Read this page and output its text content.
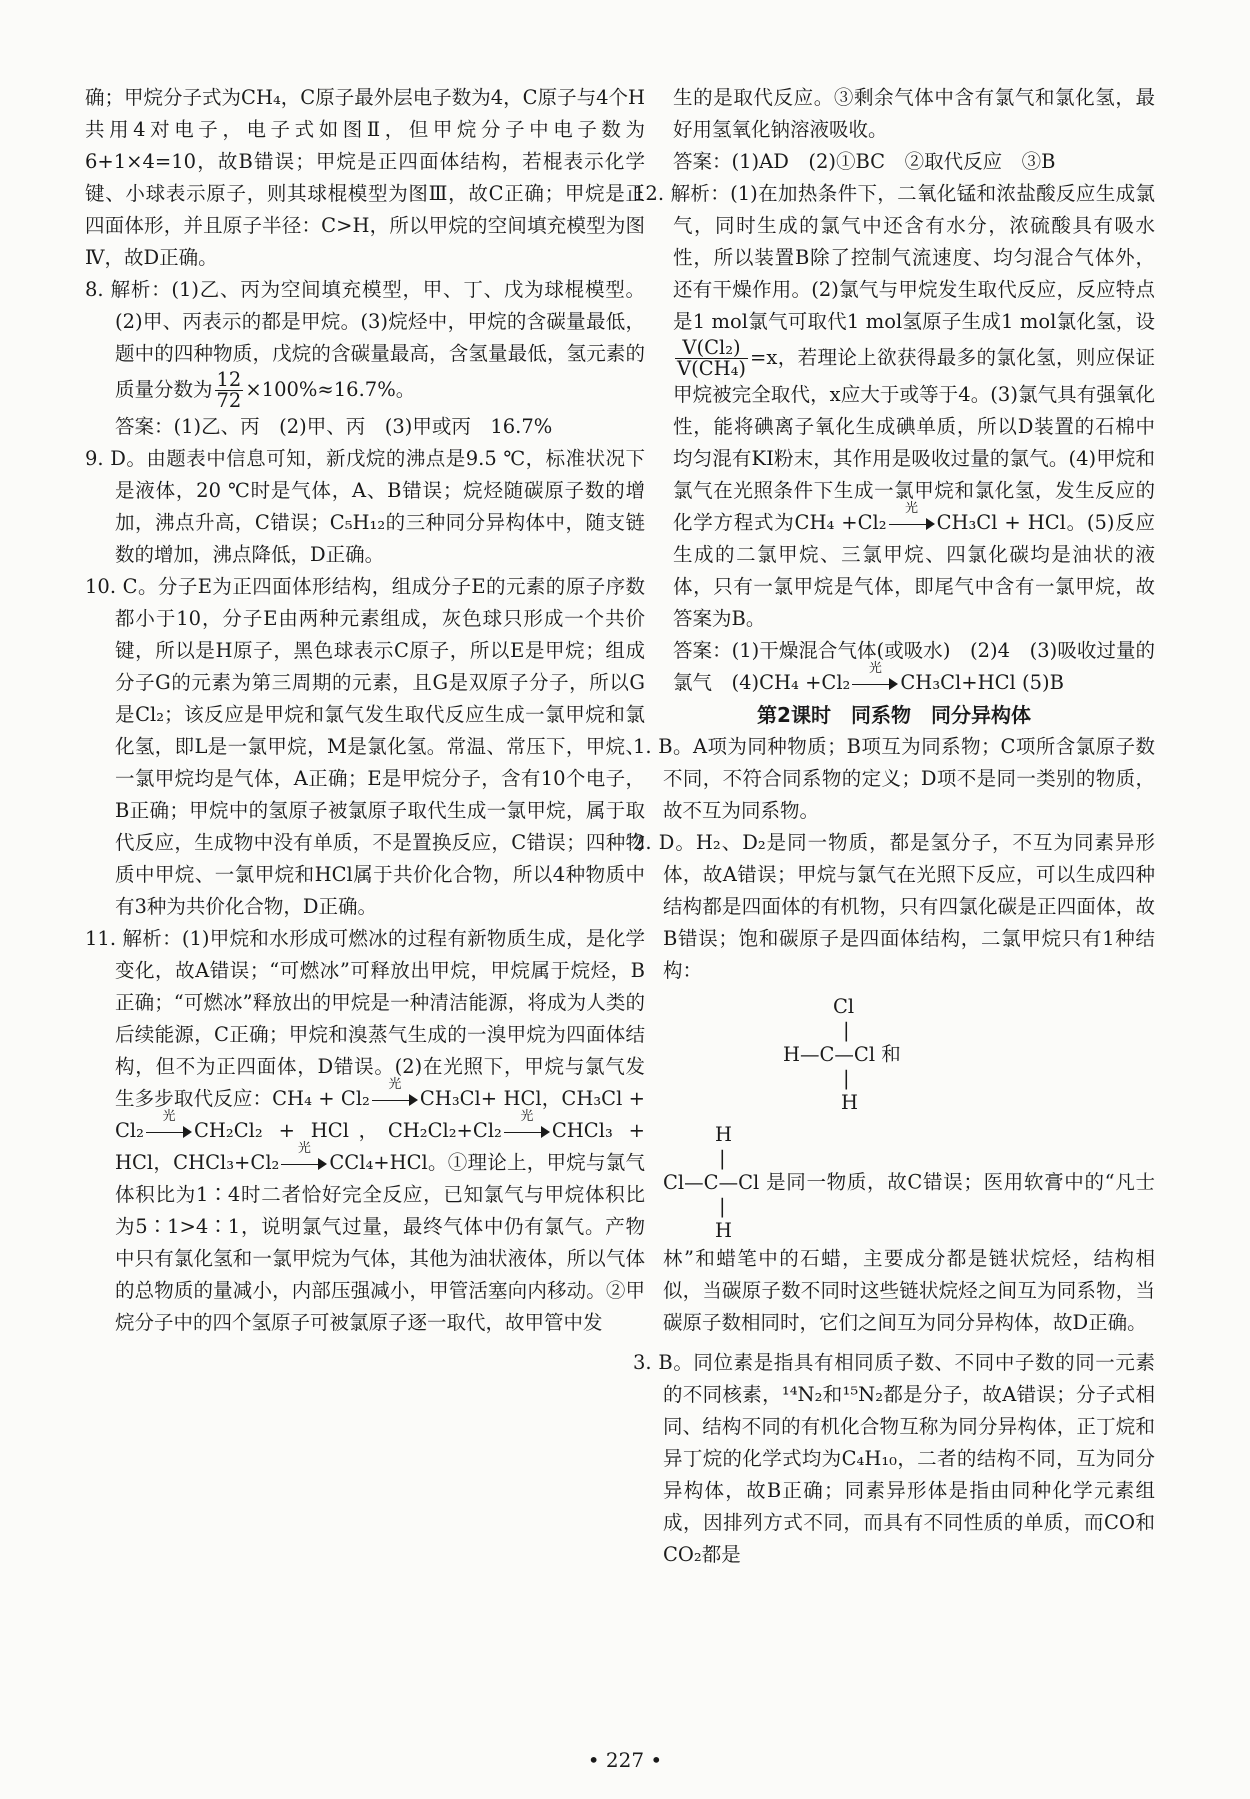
确；甲烷分子式为CH₄，C原子最外层电子数为4，C原子与4个H共用4对电子，电子式如图Ⅱ，但甲烷分子中电子数为6+1×4=10，故B错误；甲烷是正四面体结构，若棍表示化学键、小球表示原子，则其球棍模型为图Ⅲ，故C正确；甲烷是正四面体形，并且原子半径：C>H，所以甲烷的空间填充模型为图Ⅳ，故D正确。

8. 解析：(1)乙、丙为空间填充模型，甲、丁、戊为球棍模型。(2)甲、丙表示的都是甲烷。(3)烷烃中，甲烷的含碳量最低，题中的四种物质，戊烷的含碳量最高，含氢量最低，氢元素的质量分数为 $\frac{12}{72} \times 100\%\approx 16.7\%$。

答案：(1)乙、丙　(2)甲、丙　(3)甲或丙　16.7%

9. D。由题表中信息可知，新戊烷的沸点是9.5 ℃，标准状况下是液体，20 ℃时是气体，A、B错误；烷烃随碳原子数的增加，沸点升高，C错误；C₅H₁₂的三种同分异构体中，随支链数的增加，沸点降低，D正确。

10. C。分子E为正四面体形结构，组成分子E的元素的原子序数都小于10，分子E由两种元素组成，灰色球只形成一个共价键，所以是H原子，黑色球表示C原子，所以E是甲烷；组成分子G的元素为第三周期的元素，且G是双原子分子，所以G是Cl₂；该反应是甲烷和氯气发生取代反应生成一氯甲烷和氯化氢，即L是一氯甲烷，M是氯化氢。常温、常压下，甲烷、一氯甲烷均是气体，A正确；E是甲烷分子，含有10个电子，B正确；甲烷中的氢原子被氯原子取代生成一氯甲烷，属于取代反应，生成物中没有单质，不是置换反应，C错误；四种物质中甲烷、一氯甲烷和HCl属于共价化合物，所以4种物质中有3种为共价化合物，D正确。

11. 解析：(1)甲烷和水形成可燃冰的过程有新物质生成，是化学变化，故A错误；“可燃冰”可释放出甲烷，甲烷属于烷烃，B正确；“可燃冰”释放出的甲烷是一种清洁能源，将成为人类的后续能源，C正确；甲烷和溴蒸气生成的一溴甲烷为四面体结构，但不为正四面体，D错误。(2)在光照下，甲烷与氯气发生多步取代反应：CH₄ + Cl₂
光
CH₃Cl+ HCl，CH₃Cl + Cl₂
光
CH₂Cl₂ + HCl，CH₂Cl₂+Cl₂
光
CHCl₃ + HCl，CHCl₃+Cl₂
光
CCl₄+HCl。①理论上，甲烷与氯气体积比为1∶4时二者恰好完全反应，已知氯气与甲烷体积比为5∶1>4∶1，说明氯气过量，最终气体中仍有氯气。产物中只有氯化氢和一氯甲烷为气体，其他为油状液体，所以气体的总物质的量减小，内部压强减小，甲管活塞向内移动。②甲烷分子中的四个氢原子可被氯原子逐一取代，故甲管中发

生的是取代反应。③剩余气体中含有氯气和氯化氢，最好用氢氧化钠溶液吸收。

答案：(1)AD　(2)①BC　②取代反应　③B

12. 解析：(1)在加热条件下，二氧化锰和浓盐酸反应生成氯气，同时生成的氯气中还含有水分，浓硫酸具有吸水性，所以装置B除了控制气流速度、均匀混合气体外，还有干燥作用。(2)氯气与甲烷发生取代反应，反应特点是1 mol氯气可取代1 mol氢原子生成1 mol氯化氢，设
$\frac{\text{V(Cl₂)}}{\text{V(CH₄)}} =x$，若理论上欲获得最多的氯化氢，则应保证甲烷被完全取代，x应大于或等于4。(3)氯气具有强氧化性，能将碘离子氧化生成碘单质，所以D装置的石棉中均匀混有KI粉末，其作用是吸收过量的氯气。(4)甲烷和氯气在光照条件下生成一氯甲烷和氯化氢，发生反应的化学方程式为CH₄ +Cl₂
光
CH₃Cl + HCl。(5)反应生成的二氯甲烷、三氯甲烷、四氯化碳均是油状的液体，只有一氯甲烷是气体，即尾气中含有一氯甲烷，故答案为B。

答案：(1)干燥混合气体(或吸水)　(2)4　(3)吸收过量的氯气　(4)CH₄ +Cl₂
光
CH₃Cl+HCl (5)B

第2课时　同系物　同分异构体

1. B。A项为同种物质；B项互为同系物；C项所含氯原子数不同，不符合同系物的定义；D项不是同一类别的物质，故不互为同系物。

2. D。H₂、D₂是同一物质，都是氢分子，不互为同素异形体，故A错误；甲烷与氯气在光照下反应，可以生成四种结构都是四面体的有机物，只有四氯化碳是正四面体，故B错误；饱和碳原子是四面体结构，二氯甲烷只有1种结构：

Cl
|
H—C—Cl
|
H
和

H
|
Cl—C—Cl
|
H
是同一物质，故C错误；医用软膏中的“凡士林”和蜡笔中的石蜡，主要成分都是链状烷烃，结构相似，当碳原子数不同时这些链状烷烃之间互为同系物，当碳原子数相同时，它们之间互为同分异构体，故D正确。

3. B。同位素是指具有相同质子数、不同中子数的同一元素的不同核素，¹⁴N₂和¹⁵N₂都是分子，故A错误；分子式相同、结构不同的有机化合物互称为同分异构体，正丁烷和异丁烷的化学式均为C₄H₁₀，二者的结构不同，互为同分异构体，故B正确；同素异形体是指由同种化学元素组成，因排列方式不同，而具有不同性质的单质，而CO和CO₂都是

• 227 •
